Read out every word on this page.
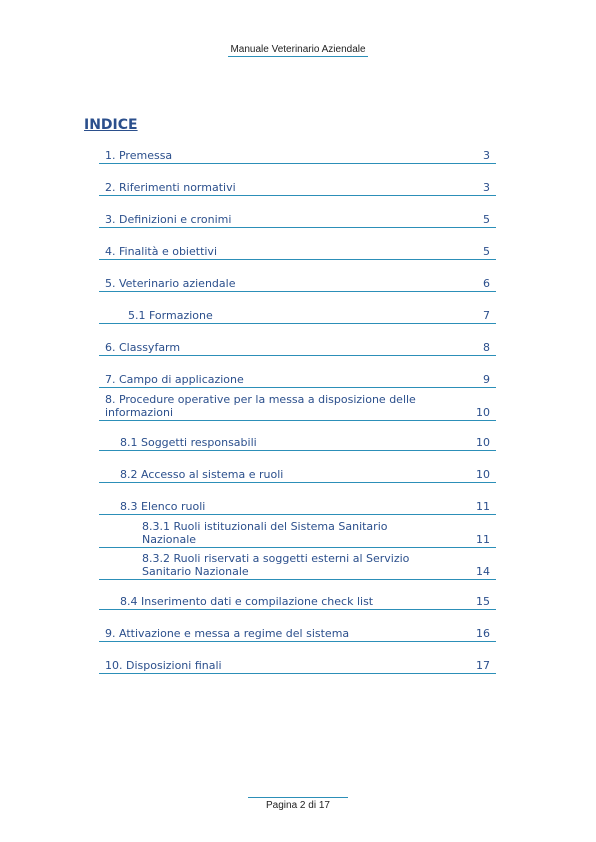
Manuale Veterinario Aziendale
INDICE
1. Premessa	3
2. Riferimenti normativi	3
3. Definizioni e cronimi	5
4. Finalità e obiettivi	5
5. Veterinario aziendale	6
5.1 Formazione	7
6. Classyfarm	8
7. Campo di applicazione	9
8. Procedure operative per la messa a disposizione delle
informazioni	10
8.1 Soggetti responsabili	10
8.2 Accesso al sistema e ruoli	10
8.3 Elenco ruoli	11
8.3.1 Ruoli istituzionali del Sistema Sanitario
Nazionale	11
8.3.2 Ruoli riservati a soggetti esterni al Servizio
Sanitario Nazionale	14
8.4 Inserimento dati e compilazione check list	15
9. Attivazione e messa a regime del sistema	16
10. Disposizioni finali	17
Pagina 2 di 17
